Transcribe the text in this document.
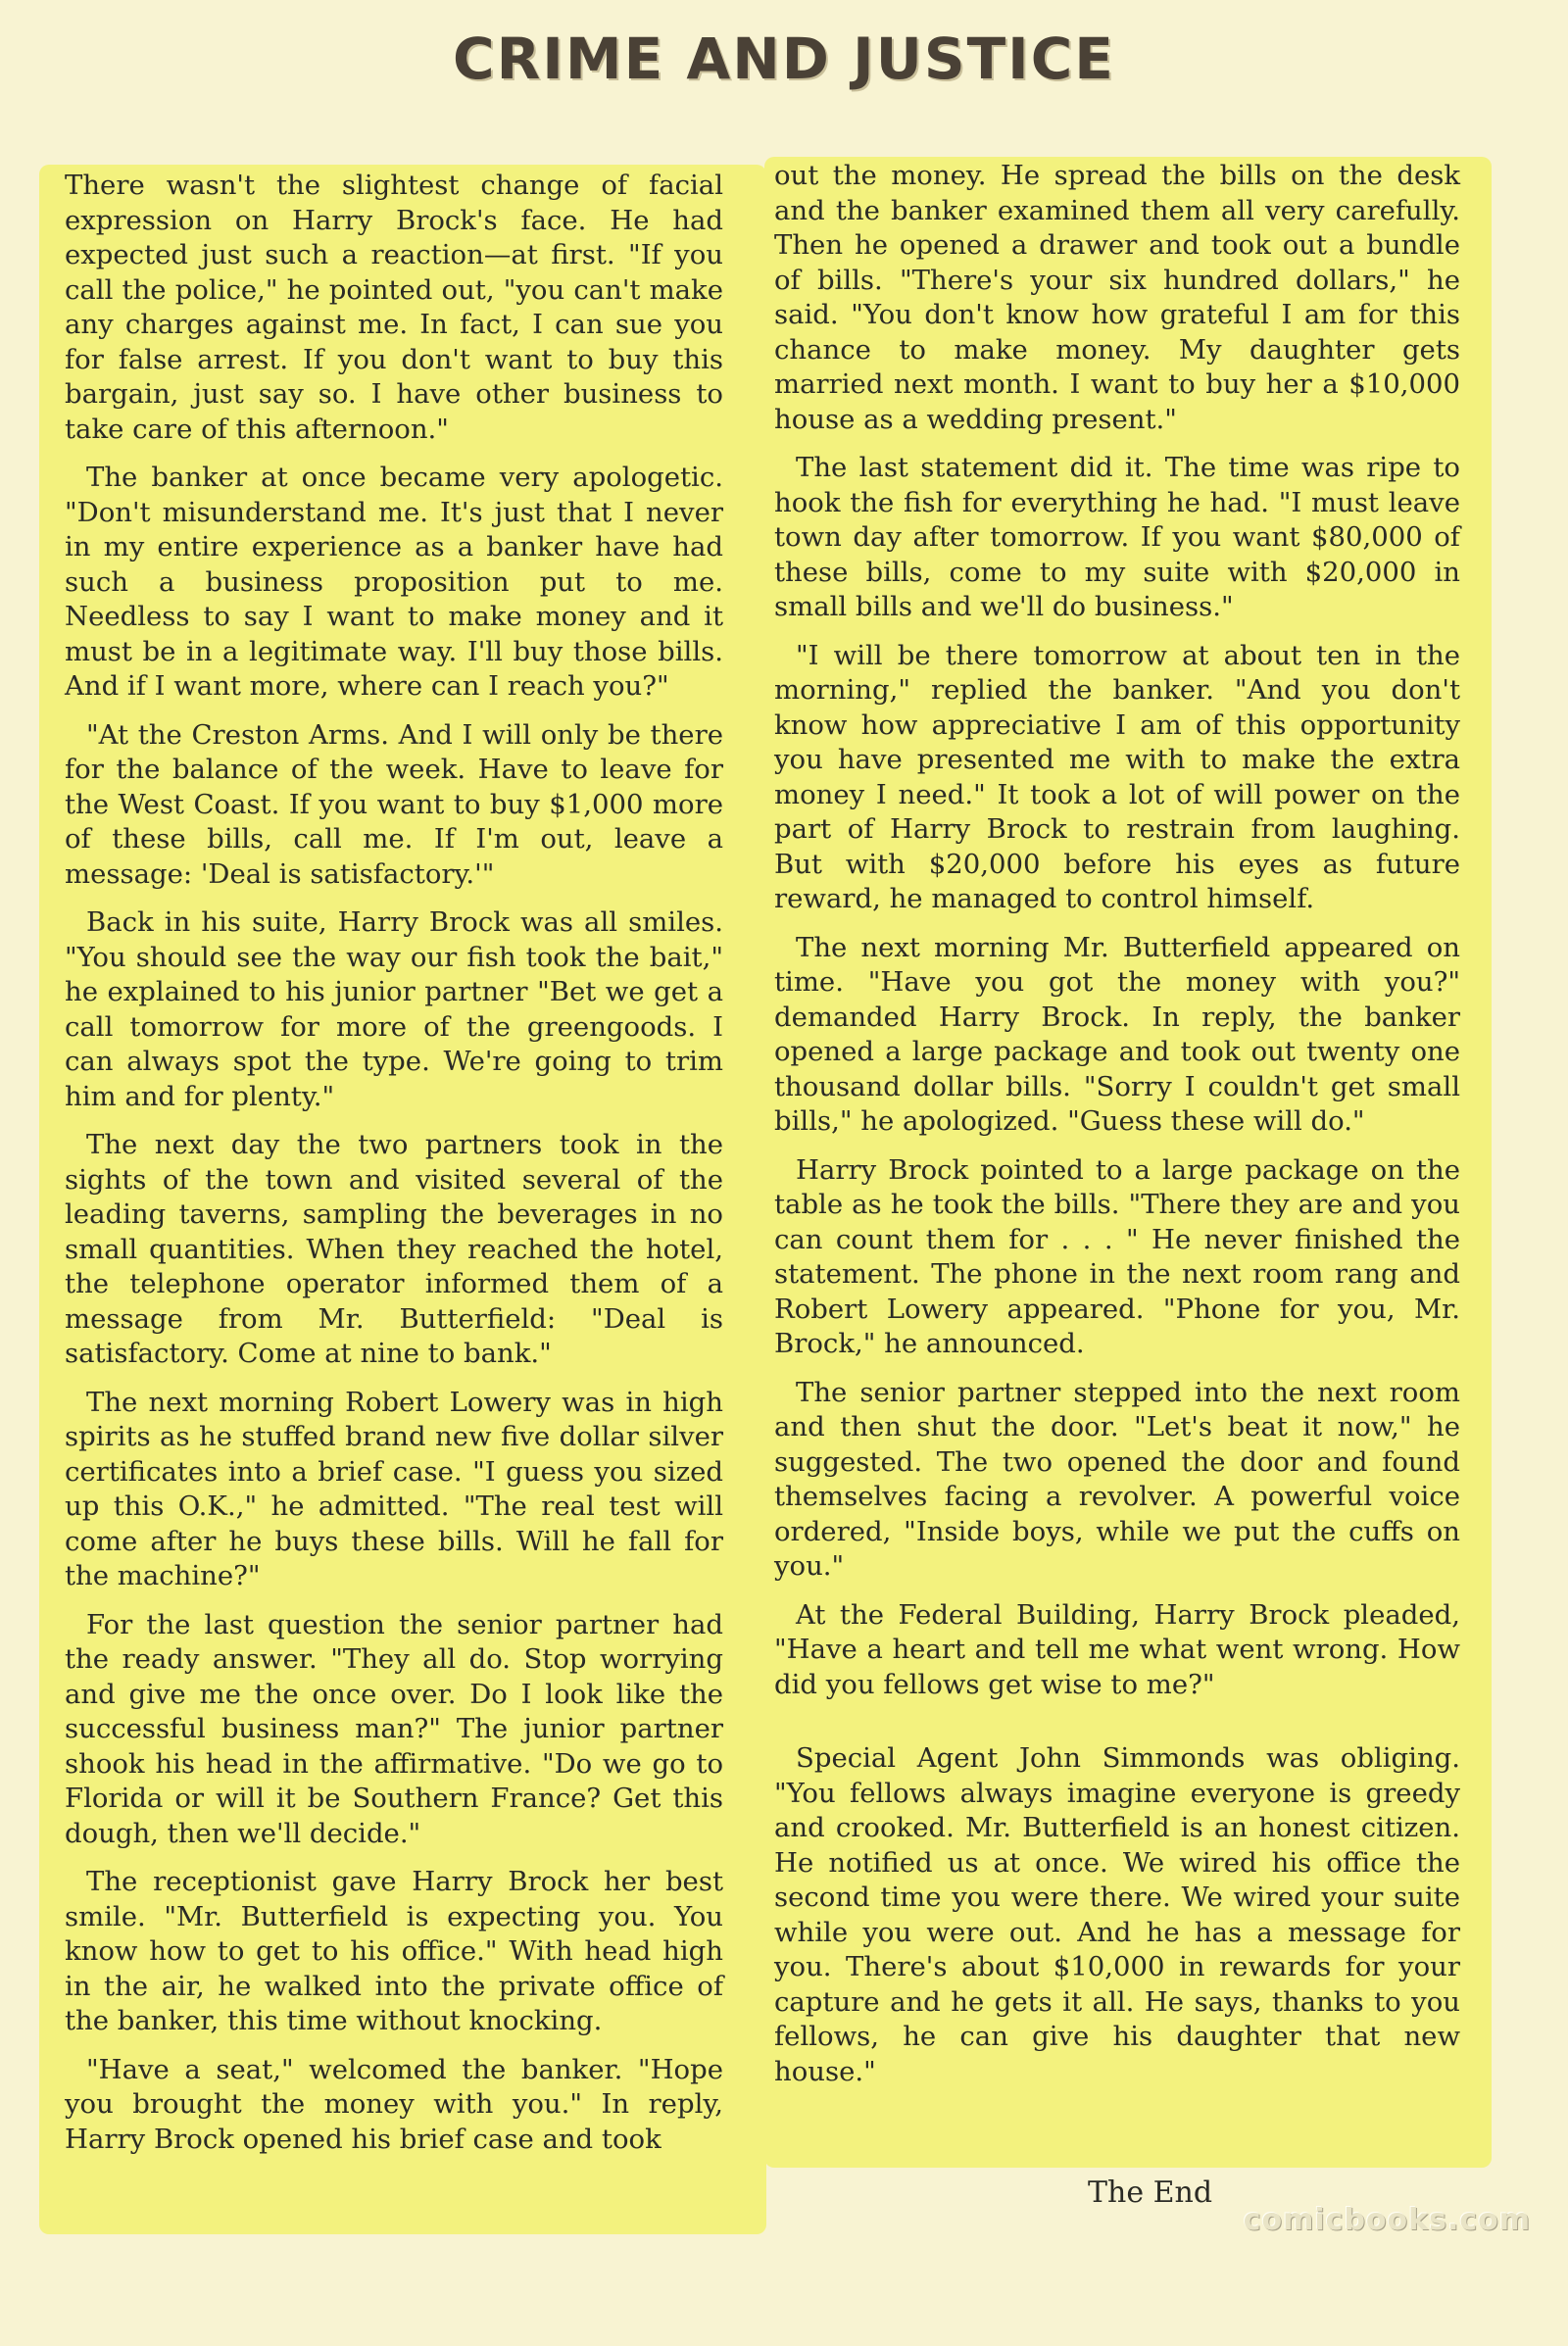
CRIME AND JUSTICE

There wasn't the slightest change of facial expression on Harry Brock's face. He had expected just such a reaction—at first. "If you call the police," he pointed out, "you can't make any charges against me. In fact, I can sue you for false arrest. If you don't want to buy this bargain, just say so. I have other business to take care of this afternoon."

The banker at once became very apologetic. "Don't misunderstand me. It's just that I never in my entire experience as a banker have had such a business proposition put to me. Needless to say I want to make money and it must be in a legitimate way. I'll buy those bills. And if I want more, where can I reach you?"

"At the Creston Arms. And I will only be there for the balance of the week. Have to leave for the West Coast. If you want to buy $1,000 more of these bills, call me. If I'm out, leave a message: 'Deal is satisfactory.'"

Back in his suite, Harry Brock was all smiles. "You should see the way our fish took the bait," he explained to his junior partner "Bet we get a call tomorrow for more of the greengoods. I can always spot the type. We're going to trim him and for plenty."

The next day the two partners took in the sights of the town and visited several of the leading taverns, sampling the beverages in no small quantities. When they reached the hotel, the telephone operator informed them of a message from Mr. Butterfield: "Deal is satisfactory. Come at nine to bank."

The next morning Robert Lowery was in high spirits as he stuffed brand new five dollar silver certificates into a brief case. "I guess you sized up this O.K.," he admitted. "The real test will come after he buys these bills. Will he fall for the machine?"

For the last question the senior partner had the ready answer. "They all do. Stop worrying and give me the once over. Do I look like the successful business man?" The junior partner shook his head in the affirmative. "Do we go to Florida or will it be Southern France? Get this dough, then we'll decide."

The receptionist gave Harry Brock her best smile. "Mr. Butterfield is expecting you. You know how to get to his office." With head high in the air, he walked into the private office of the banker, this time without knocking.

"Have a seat," welcomed the banker. "Hope you brought the money with you." In reply, Harry Brock opened his brief case and took

out the money. He spread the bills on the desk and the banker examined them all very carefully. Then he opened a drawer and took out a bundle of bills. "There's your six hundred dollars," he said. "You don't know how grateful I am for this chance to make money. My daughter gets married next month. I want to buy her a $10,000 house as a wedding present."

The last statement did it. The time was ripe to hook the fish for everything he had. "I must leave town day after tomorrow. If you want $80,000 of these bills, come to my suite with $20,000 in small bills and we'll do business."

"I will be there tomorrow at about ten in the morning," replied the banker. "And you don't know how appreciative I am of this opportunity you have presented me with to make the extra money I need." It took a lot of will power on the part of Harry Brock to restrain from laughing. But with $20,000 before his eyes as future reward, he managed to control himself.

The next morning Mr. Butterfield appeared on time. "Have you got the money with you?" demanded Harry Brock. In reply, the banker opened a large package and took out twenty one thousand dollar bills. "Sorry I couldn't get small bills," he apologized. "Guess these will do."

Harry Brock pointed to a large package on the table as he took the bills. "There they are and you can count them for . . . " He never finished the statement. The phone in the next room rang and Robert Lowery appeared. "Phone for you, Mr. Brock," he announced.

The senior partner stepped into the next room and then shut the door. "Let's beat it now," he suggested. The two opened the door and found themselves facing a revolver. A powerful voice ordered, "Inside boys, while we put the cuffs on you."

At the Federal Building, Harry Brock pleaded, "Have a heart and tell me what went wrong. How did you fellows get wise to me?"

Special Agent John Simmonds was obliging. "You fellows always imagine everyone is greedy and crooked. Mr. Butterfield is an honest citizen. He notified us at once. We wired his office the second time you were there. We wired your suite while you were out. And he has a message for you. There's about $10,000 in rewards for your capture and he gets it all. He says, thanks to you fellows, he can give his daughter that new house."

The End
comicbooks.com
